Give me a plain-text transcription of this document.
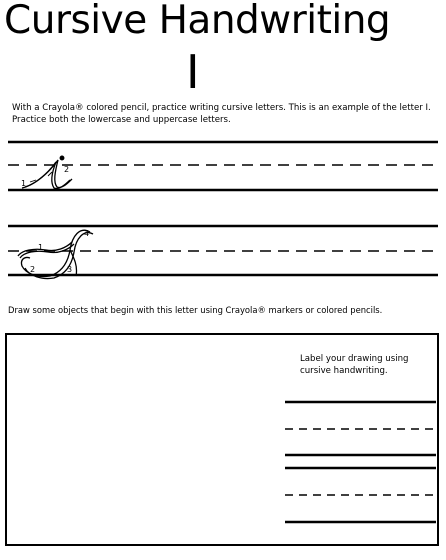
Cursive Handwriting
I
With a Crayola® colored pencil, practice writing cursive letters. This is an example of the letter I. Practice both the lowercase and uppercase letters.
1
2
1
2	3
4
Draw some objects that begin with this letter using Crayola® markers or colored pencils.
Label your drawing using cursive handwriting.
